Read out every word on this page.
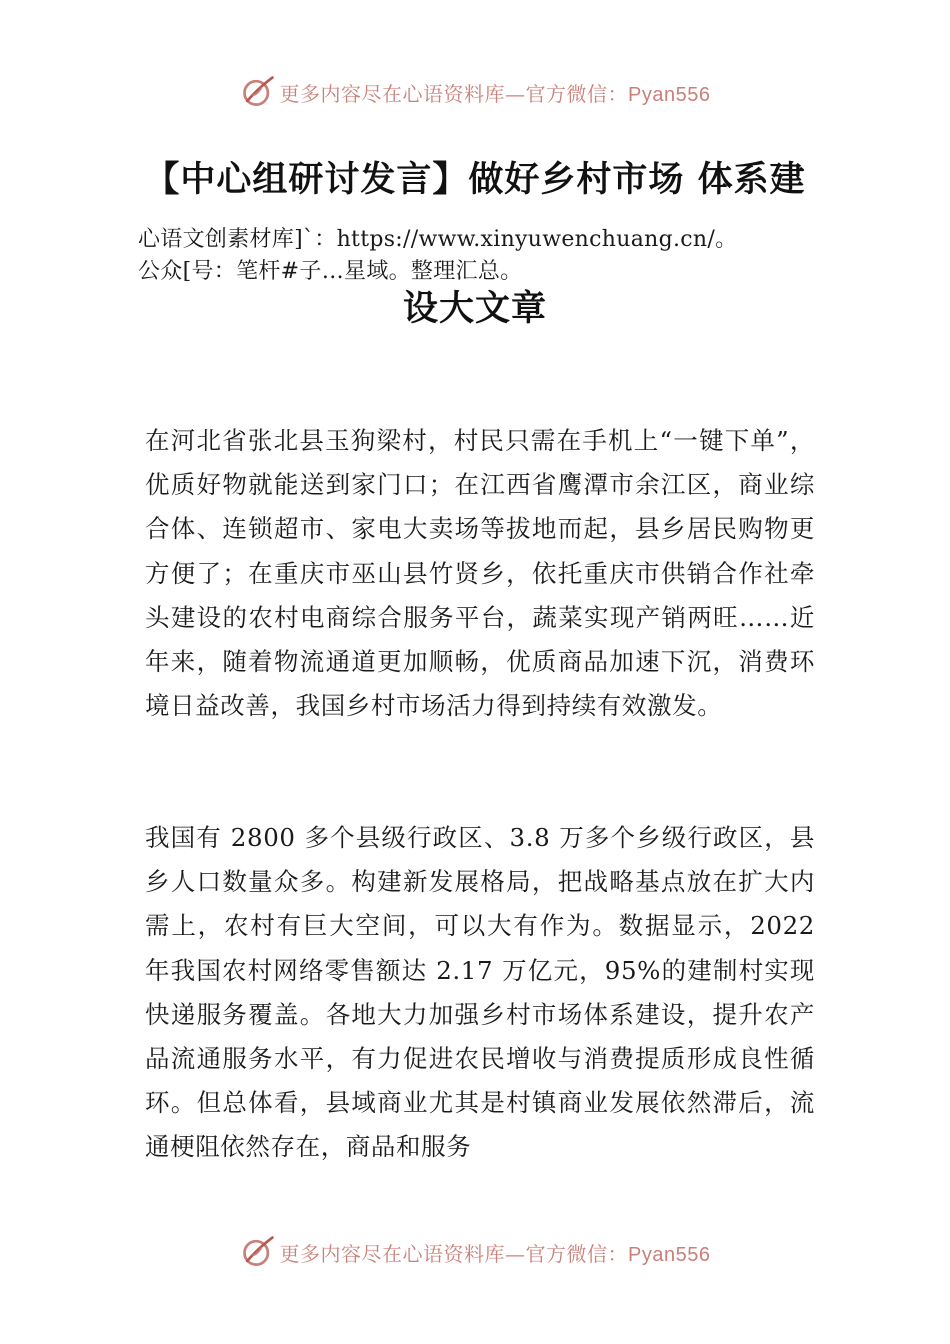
更多内容尽在心语资料库—官方微信：Pyan556
【中心组研讨发言】做好乡村市场 体系建
心语文创素材库]`：https://www.xinyuwenchuang.cn/。
公众[号：笔杆#子…星域。整理汇总。
设大文章

在河北省张北县玉狗梁村，村民只需在手机上“一键下单”，优质好物就能送到家门口；在江西省鹰潭市余江区，商业综合体、连锁超市、家电大卖场等拔地而起，县乡居民购物更方便了；在重庆市巫山县竹贤乡，依托重庆市供销合作社牵头建设的农村电商综合服务平台，蔬菜实现产销两旺……近年来，随着物流通道更加顺畅，优质商品加速下沉，消费环境日益改善，我国乡村市场活力得到持续有效激发。

我国有 2800 多个县级行政区、3.8 万多个乡级行政区，县乡人口数量众多。构建新发展格局，把战略基点放在扩大内需上，农村有巨大空间，可以大有作为。数据显示，2022 年我国农村网络零售额达 2.17 万亿元，95%的建制村实现快递服务覆盖。各地大力加强乡村市场体系建设，提升农产品流通服务水平，有力促进农民增收与消费提质形成良性循环。但总体看，县域商业尤其是村镇商业发展依然滞后，流通梗阻依然存在，商品和服务

更多内容尽在心语资料库—官方微信：Pyan556
